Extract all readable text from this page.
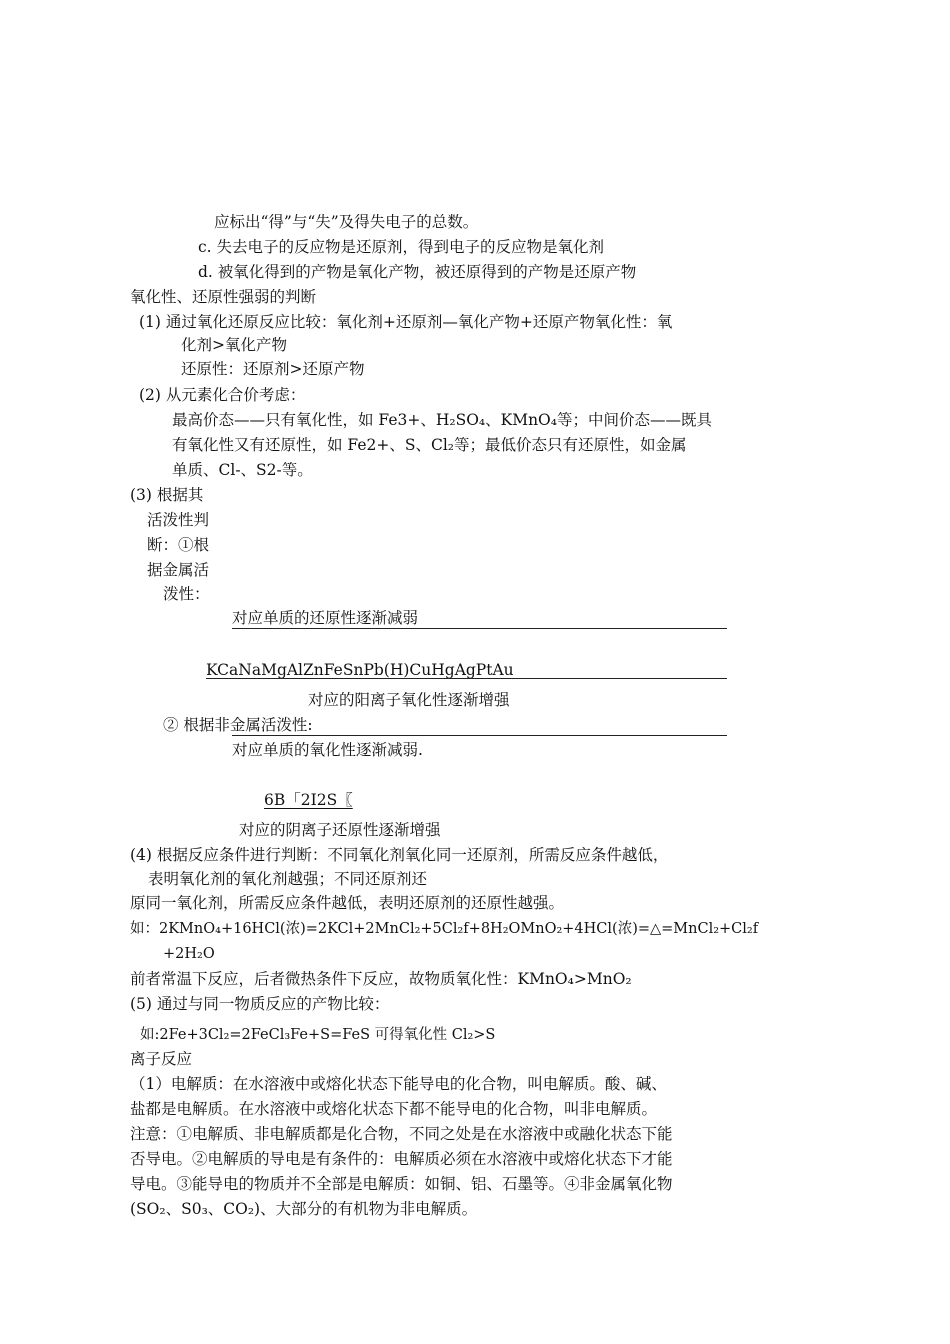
应标出“得”与“失”及得失电子的总数。
c. 失去电子的反应物是还原剂，得到电子的反应物是氧化剂
d. 被氧化得到的产物是氧化产物，被还原得到的产物是还原产物
氧化性、还原性强弱的判断
(1) 通过氧化还原反应比较：氧化剂+还原剂—氧化产物+还原产物氧化性：氧
化剂>氧化产物
还原性：还原剂>还原产物
(2) 从元素化合价考虑：
最高价态——只有氧化性，如 Fe3+、H₂SO₄、KMnO₄等；中间价态——既具
有氧化性又有还原性，如 Fe2+、S、Cl₂等；最低价态只有还原性，如金属
单质、Cl-、S2-等。
(3) 根据其
活泼性判
断：①根
据金属活
泼性：
对应单质的还原性逐渐减弱
KCaNaMgAlZnFeSnPb(H)CuHgAgPtAu
对应的阳离子氧化性逐渐增强
② 根据非金属活泼性:
对应单质的氧化性逐渐减弱.
6B「2I2S〖
对应的阴离子还原性逐渐增强
(4) 根据反应条件进行判断：不同氧化剂氧化同一还原剂，所需反应条件越低，
表明氧化剂的氧化剂越强；不同还原剂还
原同一氧化剂，所需反应条件越低，表明还原剂的还原性越强。
如：2KMnO₄+16HCl(浓)=2KCl+2MnCl₂+5Cl₂f+8H₂OMnO₂+4HCl(浓)=△=MnCl₂+Cl₂f
+2H₂O
前者常温下反应，后者微热条件下反应，故物质氧化性：KMnO₄>MnO₂
(5) 通过与同一物质反应的产物比较：
如:2Fe+3Cl₂=2FeCl₃Fe+S=FeS 可得氧化性 Cl₂>S
离子反应
（1）电解质：在水溶液中或熔化状态下能导电的化合物，叫电解质。酸、碱、
盐都是电解质。在水溶液中或熔化状态下都不能导电的化合物，叫非电解质。
注意：①电解质、非电解质都是化合物，不同之处是在水溶液中或融化状态下能
否导电。②电解质的导电是有条件的：电解质必须在水溶液中或熔化状态下才能
导电。③能导电的物质并不全部是电解质：如铜、铝、石墨等。④非金属氧化物
(SO₂、S0₃、CO₂)、大部分的有机物为非电解质。
